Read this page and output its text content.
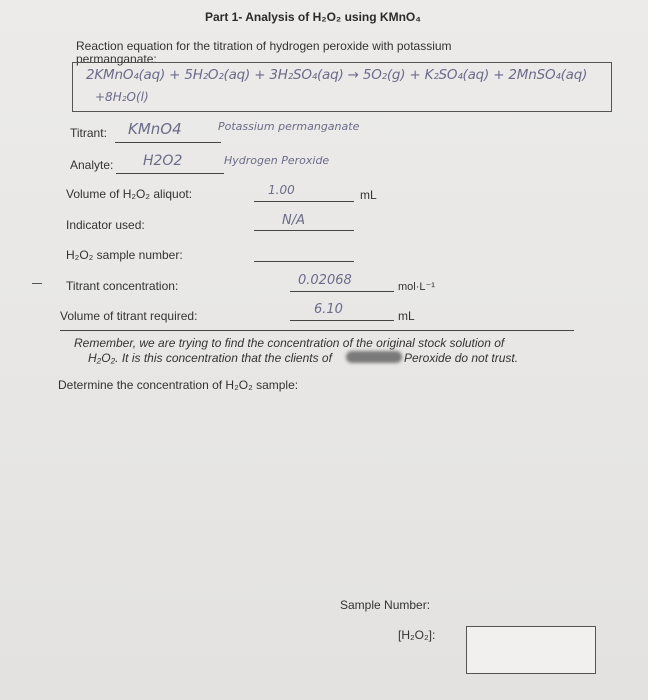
Part 1- Analysis of H₂O₂ using KMnO₄
Reaction equation for the titration of hydrogen peroxide with potassium
permanganate:
2KMnO₄(aq) + 5H₂O₂(aq) + 3H₂SO₄(aq) → 5O₂(g) + K₂SO₄(aq) + 2MnSO₄(aq)
+8H₂O(l)
Titrant: KMnO4	Potassium permanganate
Analyte: H2O2	Hydrogen Peroxide
Volume of H₂O₂ aliquot:	1.00	mL
Indicator used:	N/A
H₂O₂ sample number:
Titrant concentration:	0.02068	mol·L⁻¹
Volume of titrant required:	6.10	mL
Remember, we are trying to find the concentration of the original stock solution of
H₂O₂. It is this concentration that the clients of	Peroxide do not trust.
Determine the concentration of H₂O₂ sample:
Sample Number:
[H₂O₂]:
